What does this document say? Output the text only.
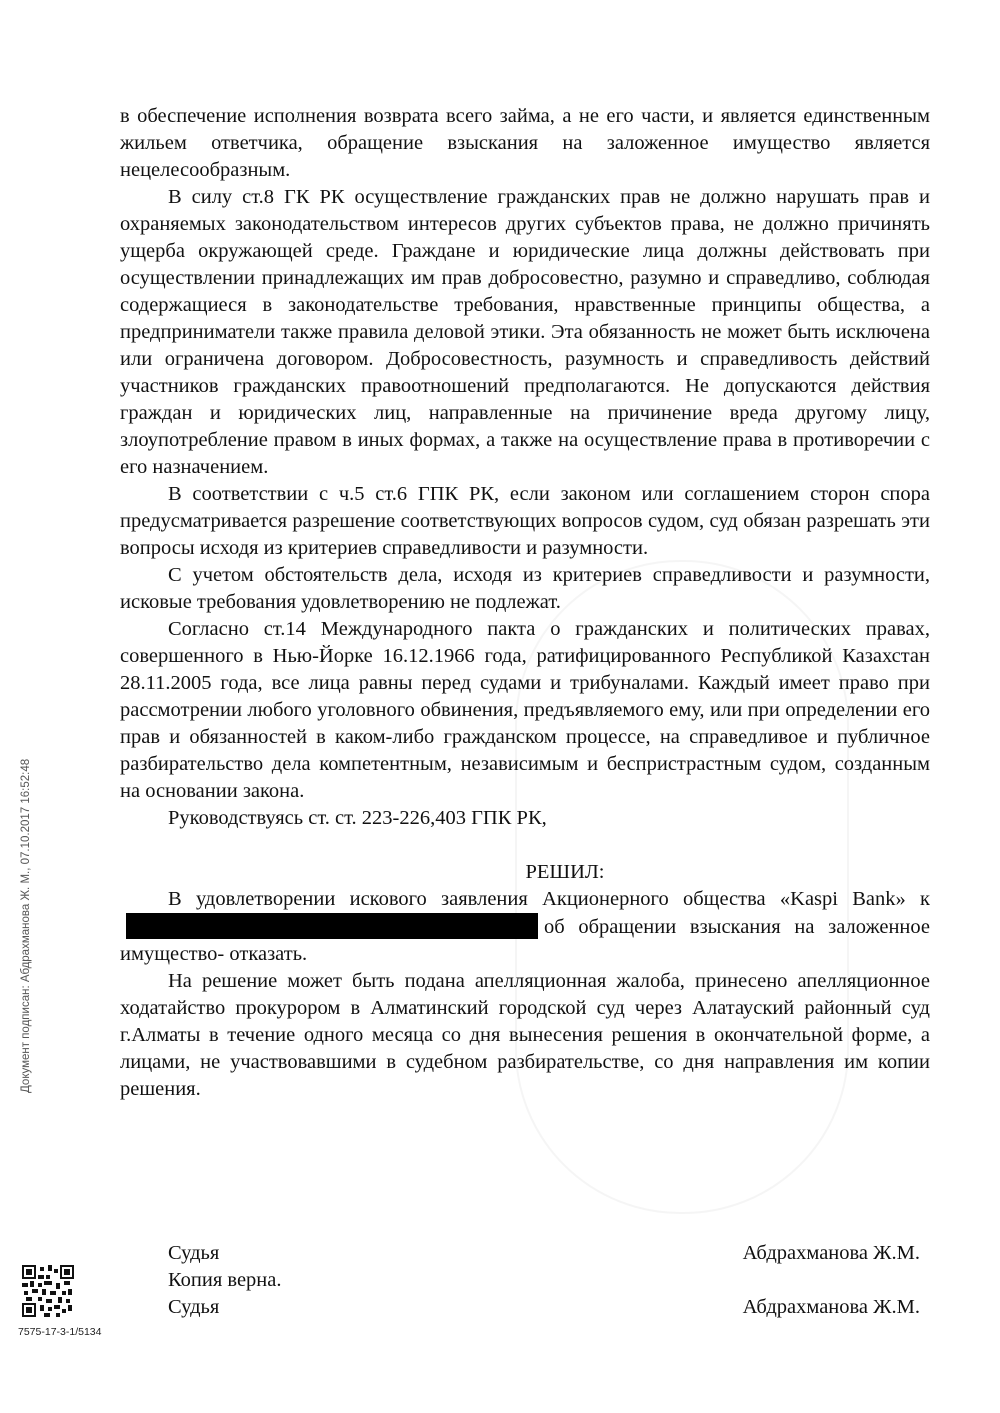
в обеспечение исполнения возврата всего займа, а не его части, и является единственным жильем ответчика, обращение взыскания на заложенное имущество является нецелесообразным.

В силу ст.8 ГК РК осуществление гражданских прав не должно нарушать прав и охраняемых законодательством интересов других субъектов права, не должно причинять ущерба окружающей среде. Граждане и юридические лица должны действовать при осуществлении принадлежащих им прав добросовестно, разумно и справедливо, соблюдая содержащиеся в законодательстве требования, нравственные принципы общества, а предприниматели также правила деловой этики. Эта обязанность не может быть исключена или ограничена договором. Добросовестность, разумность и справедливость действий участников гражданских правоотношений предполагаются. Не допускаются действия граждан и юридических лиц, направленные на причинение вреда другому лицу, злоупотребление правом в иных формах, а также на осуществление права в противоречии с его назначением.

В соответствии с ч.5 ст.6 ГПК РК, если законом или соглашением сторон спора предусматривается разрешение соответствующих вопросов судом, суд обязан разрешать эти вопросы исходя из критериев справедливости и разумности.

С учетом обстоятельств дела, исходя из критериев справедливости и разумности, исковые требования удовлетворению не подлежат.

Согласно ст.14 Международного пакта о гражданских и политических правах, совершенного в Нью-Йорке 16.12.1966 года, ратифицированного Республикой Казахстан 28.11.2005 года, все лица равны перед судами и трибуналами. Каждый имеет право при рассмотрении любого уголовного обвинения, предъявляемого ему, или при определении его прав и обязанностей в каком-либо гражданском процессе, на справедливое и публичное разбирательство дела компетентным, независимым и беспристрастным судом, созданным на основании закона.

Руководствуясь ст. ст. 223-226,403 ГПК РК,

РЕШИЛ:

В удовлетворении искового заявления Акционерного общества «Kaspi Bank» коб обращении взыскания на заложенное имущество- отказать.

На решение может быть подана апелляционная жалоба, принесено апелляционное ходатайство прокурором в Алматинский городской суд через Алатауский районный суд г.Алматы в течение одного месяца со дня вынесения решения в окончательной форме, а лицами, не участвовавшими в судебном разбирательстве, со дня направления им копии решения.

Судья	Абдрахманова Ж.М.
Копия верна.
Судья	Абдрахманова Ж.М.
Документ подписан: Абдрахманова Ж. М., 07.10.2017 16:52:48
7575-17-3-1/5134
